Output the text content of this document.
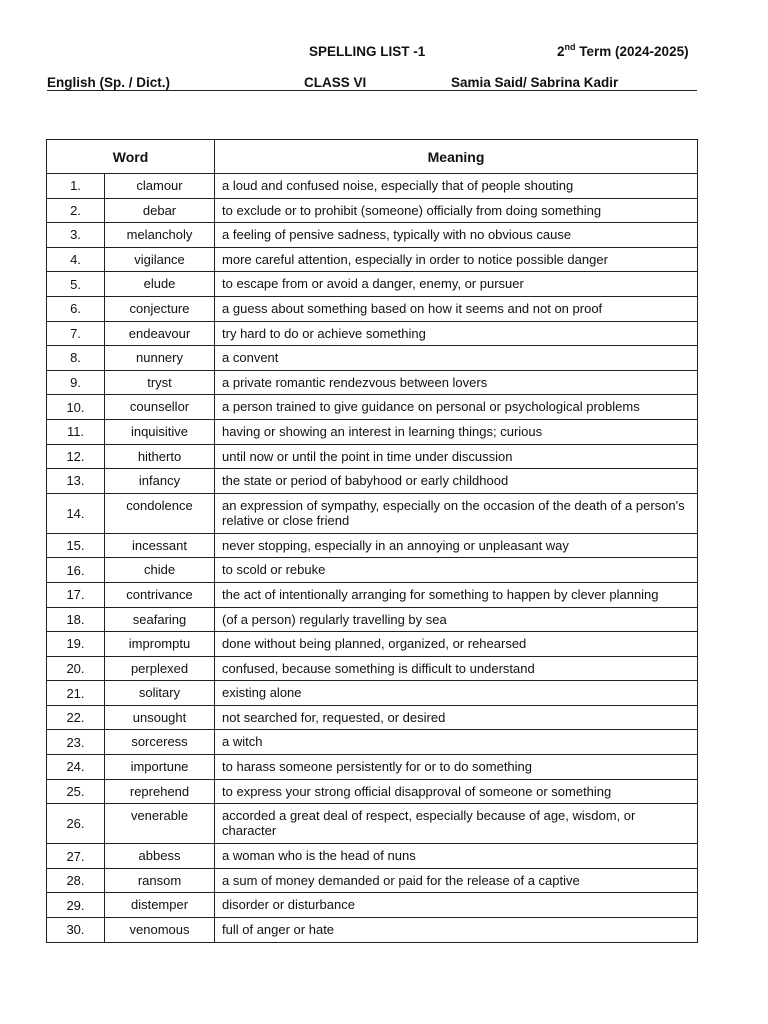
SPELLING LIST -1	2nd Term (2024-2025)
English (Sp. / Dict.)	CLASS VI	Samia Said/ Sabrina Kadir
Word		Meaning
1.	clamour	a loud and confused noise, especially that of people shouting
2.	debar	to exclude or to prohibit (someone) officially from doing something
3.	melancholy	a feeling of pensive sadness, typically with no obvious cause
4.	vigilance	more careful attention, especially in order to notice possible danger
5.	elude	to escape from or avoid a danger, enemy, or pursuer
6.	conjecture	a guess about something based on how it seems and not on proof
7.	endeavour	try hard to do or achieve something
8.	nunnery	a convent
9.	tryst	a private romantic rendezvous between lovers
10.	counsellor	a person trained to give guidance on personal or psychological problems
11.	inquisitive	having or showing an interest in learning things; curious
12.	hitherto	until now or until the point in time under discussion
13.	infancy	the state or period of babyhood or early childhood
14.	condolence	an expression of sympathy, especially on the occasion of the death of a person's relative or close friend
15.	incessant	never stopping, especially in an annoying or unpleasant way
16.	chide	to scold or rebuke
17.	contrivance	the act of intentionally arranging for something to happen by clever planning
18.	seafaring	(of a person) regularly travelling by sea
19.	impromptu	done without being planned, organized, or rehearsed
20.	perplexed	confused, because something is difficult to understand
21.	solitary	existing alone
22.	unsought	not searched for, requested, or desired
23.	sorceress	a witch
24.	importune	to harass someone persistently for or to do something
25.	reprehend	to express your strong official disapproval of someone or something
26.	venerable	accorded a great deal of respect, especially because of age, wisdom, or character
27.	abbess	a woman who is the head of nuns
28.	ransom	a sum of money demanded or paid for the release of a captive
29.	distemper	disorder or disturbance
30.	venomous	full of anger or hate
